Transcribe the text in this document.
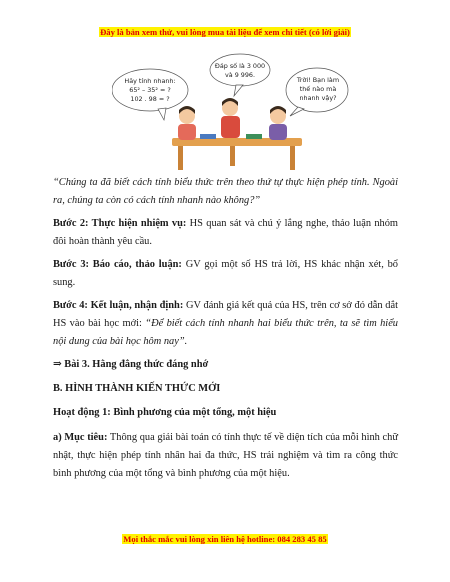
Đây là bản xem thử, vui lòng mua tài liệu để xem chi tiết (có lời giải)
Hãy tính nhanh:
65² – 35² = ?
102 . 98 = ?
Đáp số là 3 000
và 9 996.
Trời! Bạn làm
thế nào mà
nhanh vậy?
“Chúng ta đã biết cách tính biểu thức trên theo thứ tự thực hiện phép tính. Ngoài ra, chúng ta còn có cách tính nhanh nào không?”
Bước 2: Thực hiện nhiệm vụ: HS quan sát và chú ý lắng nghe, thảo luận nhóm đôi hoàn thành yêu cầu.
Bước 3: Báo cáo, thảo luận: GV gọi một số HS trả lời, HS khác nhận xét, bổ sung.
Bước 4: Kết luận, nhận định: GV đánh giá kết quả của HS, trên cơ sở đó dẫn dắt HS vào bài học mới: “Để biết cách tính nhanh hai biểu thức trên, ta sẽ tìm hiểu nội dung của bài học hôm nay”.
⇒ Bài 3. Hằng đẳng thức đáng nhớ
B. HÌNH THÀNH KIẾN THỨC MỚI
Hoạt động 1: Bình phương của một tổng, một hiệu
a) Mục tiêu: Thông qua giải bài toán có tính thực tế về diện tích của mỗi hình chữ nhật, thực hiện phép tính nhân hai đa thức, HS trải nghiệm và tìm ra công thức bình phương của một tổng và bình phương của một hiệu.
Mọi thắc mắc vui lòng xin liên hệ hotline: 084 283 45 85
